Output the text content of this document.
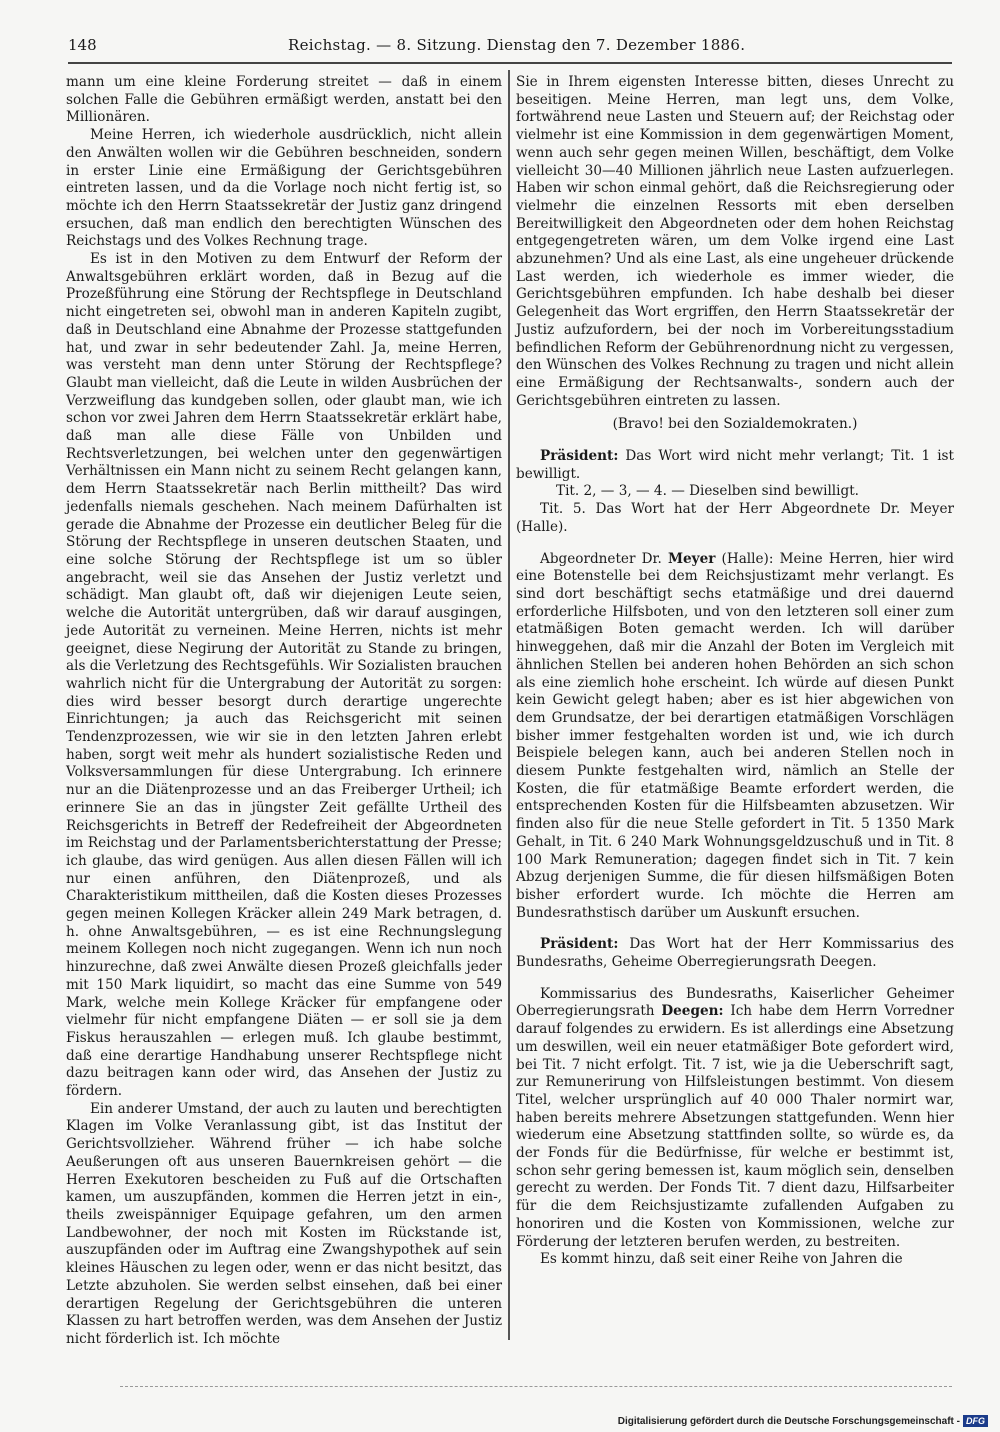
148	Reichstag. — 8. Sitzung. Dienstag den 7. Dezember 1886.

mann um eine kleine Forderung streitet — daß in einem solchen Falle die Gebühren ermäßigt werden, anstatt bei den Millionären.

Meine Herren, ich wiederhole ausdrücklich, nicht allein den Anwälten wollen wir die Gebühren beschneiden, sondern in erster Linie eine Ermäßigung der Gerichtsgebühren eintreten lassen, und da die Vorlage noch nicht fertig ist, so möchte ich den Herrn Staatssekretär der Justiz ganz dringend ersuchen, daß man endlich den berechtigten Wünschen des Reichstags und des Volkes Rechnung trage.

Es ist in den Motiven zu dem Entwurf der Reform der Anwaltsgebühren erklärt worden, daß in Bezug auf die Prozeßführung eine Störung der Rechtspflege in Deutschland nicht eingetreten sei, obwohl man in anderen Kapiteln zugibt, daß in Deutschland eine Abnahme der Prozesse stattgefunden hat, und zwar in sehr bedeutender Zahl. Ja, meine Herren, was versteht man denn unter Störung der Rechtspflege? Glaubt man vielleicht, daß die Leute in wilden Ausbrüchen der Verzweiflung das kundgeben sollen, oder glaubt man, wie ich schon vor zwei Jahren dem Herrn Staatssekretär erklärt habe, daß man alle diese Fälle von Unbilden und Rechtsverletzungen, bei welchen unter den gegenwärtigen Verhältnissen ein Mann nicht zu seinem Recht gelangen kann, dem Herrn Staatssekretär nach Berlin mittheilt? Das wird jedenfalls niemals geschehen. Nach meinem Dafürhalten ist gerade die Abnahme der Prozesse ein deutlicher Beleg für die Störung der Rechtspflege in unseren deutschen Staaten, und eine solche Störung der Rechtspflege ist um so übler angebracht, weil sie das Ansehen der Justiz verletzt und schädigt. Man glaubt oft, daß wir diejenigen Leute seien, welche die Autorität untergrüben, daß wir darauf ausgingen, jede Autorität zu verneinen. Meine Herren, nichts ist mehr geeignet, diese Negirung der Autorität zu Stande zu bringen, als die Verletzung des Rechtsgefühls. Wir Sozialisten brauchen wahrlich nicht für die Untergrabung der Autorität zu sorgen: dies wird besser besorgt durch derartige ungerechte Einrichtungen; ja auch das Reichsgericht mit seinen Tendenzprozessen, wie wir sie in den letzten Jahren erlebt haben, sorgt weit mehr als hundert sozialistische Reden und Volksversammlungen für diese Untergrabung. Ich erinnere nur an die Diätenprozesse und an das Freiberger Urtheil; ich erinnere Sie an das in jüngster Zeit gefällte Urtheil des Reichsgerichts in Betreff der Redefreiheit der Abgeordneten im Reichstag und der Parlamentsberichterstattung der Presse; ich glaube, das wird genügen. Aus allen diesen Fällen will ich nur einen anführen, den Diätenprozeß, und als Charakteristikum mittheilen, daß die Kosten dieses Prozesses gegen meinen Kollegen Kräcker allein 249 Mark betragen, d. h. ohne Anwaltsgebühren, — es ist eine Rechnungslegung meinem Kollegen noch nicht zugegangen. Wenn ich nun noch hinzurechne, daß zwei Anwälte diesen Prozeß gleichfalls jeder mit 150 Mark liquidirt, so macht das eine Summe von 549 Mark, welche mein Kollege Kräcker für empfangene oder vielmehr für nicht empfangene Diäten — er soll sie ja dem Fiskus herauszahlen — erlegen muß. Ich glaube bestimmt, daß eine derartige Handhabung unserer Rechtspflege nicht dazu beitragen kann oder wird, das Ansehen der Justiz zu fördern.

Ein anderer Umstand, der auch zu lauten und berechtigten Klagen im Volke Veranlassung gibt, ist das Institut der Gerichtsvollzieher. Während früher — ich habe solche Aeußerungen oft aus unseren Bauernkreisen gehört — die Herren Exekutoren bescheiden zu Fuß auf die Ortschaften kamen, um auszupfänden, kommen die Herren jetzt in ein-, theils zweispänniger Equipage gefahren, um den armen Landbewohner, der noch mit Kosten im Rückstande ist, auszupfänden oder im Auftrag eine Zwangshypothek auf sein kleines Häuschen zu legen oder, wenn er das nicht besitzt, das Letzte abzuholen. Sie werden selbst einsehen, daß bei einer derartigen Regelung der Gerichtsgebühren die unteren Klassen zu hart betroffen werden, was dem Ansehen der Justiz nicht förderlich ist. Ich möchte

Sie in Ihrem eigensten Interesse bitten, dieses Unrecht zu beseitigen. Meine Herren, man legt uns, dem Volke, fortwährend neue Lasten und Steuern auf; der Reichstag oder vielmehr ist eine Kommission in dem gegenwärtigen Moment, wenn auch sehr gegen meinen Willen, beschäftigt, dem Volke vielleicht 30—40 Millionen jährlich neue Lasten aufzuerlegen. Haben wir schon einmal gehört, daß die Reichsregierung oder vielmehr die einzelnen Ressorts mit eben derselben Bereitwilligkeit den Abgeordneten oder dem hohen Reichstag entgegengetreten wären, um dem Volke irgend eine Last abzunehmen? Und als eine Last, als eine ungeheuer drückende Last werden, ich wiederhole es immer wieder, die Gerichtsgebühren empfunden. Ich habe deshalb bei dieser Gelegenheit das Wort ergriffen, den Herrn Staatssekretär der Justiz aufzufordern, bei der noch im Vorbereitungsstadium befindlichen Reform der Gebührenordnung nicht zu vergessen, den Wünschen des Volkes Rechnung zu tragen und nicht allein eine Ermäßigung der Rechtsanwalts-, sondern auch der Gerichtsgebühren eintreten zu lassen.

(Bravo! bei den Sozialdemokraten.)

Präsident: Das Wort wird nicht mehr verlangt; Tit. 1 ist bewilligt.

Tit. 2, — 3, — 4. — Dieselben sind bewilligt.

Tit. 5. Das Wort hat der Herr Abgeordnete Dr. Meyer (Halle).

Abgeordneter Dr. Meyer (Halle): Meine Herren, hier wird eine Botenstelle bei dem Reichsjustizamt mehr verlangt. Es sind dort beschäftigt sechs etatmäßige und drei dauernd erforderliche Hilfsboten, und von den letzteren soll einer zum etatmäßigen Boten gemacht werden. Ich will darüber hinweggehen, daß mir die Anzahl der Boten im Vergleich mit ähnlichen Stellen bei anderen hohen Behörden an sich schon als eine ziemlich hohe erscheint. Ich würde auf diesen Punkt kein Gewicht gelegt haben; aber es ist hier abgewichen von dem Grundsatze, der bei derartigen etatmäßigen Vorschlägen bisher immer festgehalten worden ist und, wie ich durch Beispiele belegen kann, auch bei anderen Stellen noch in diesem Punkte festgehalten wird, nämlich an Stelle der Kosten, die für etatmäßige Beamte erfordert werden, die entsprechenden Kosten für die Hilfsbeamten abzusetzen. Wir finden also für die neue Stelle gefordert in Tit. 5 1350 Mark Gehalt, in Tit. 6 240 Mark Wohnungsgeldzuschuß und in Tit. 8 100 Mark Remuneration; dagegen findet sich in Tit. 7 kein Abzug derjenigen Summe, die für diesen hilfsmäßigen Boten bisher erfordert wurde. Ich möchte die Herren am Bundesrathstisch darüber um Auskunft ersuchen.

Präsident: Das Wort hat der Herr Kommissarius des Bundesraths, Geheime Oberregierungsrath Deegen.

Kommissarius des Bundesraths, Kaiserlicher Geheimer Oberregierungsrath Deegen: Ich habe dem Herrn Vorredner darauf folgendes zu erwidern. Es ist allerdings eine Absetzung um deswillen, weil ein neuer etatmäßiger Bote gefordert wird, bei Tit. 7 nicht erfolgt. Tit. 7 ist, wie ja die Ueberschrift sagt, zur Remunerirung von Hilfsleistungen bestimmt. Von diesem Titel, welcher ursprünglich auf 40 000 Thaler normirt war, haben bereits mehrere Absetzungen stattgefunden. Wenn hier wiederum eine Absetzung stattfinden sollte, so würde es, da der Fonds für die Bedürfnisse, für welche er bestimmt ist, schon sehr gering bemessen ist, kaum möglich sein, denselben gerecht zu werden. Der Fonds Tit. 7 dient dazu, Hilfsarbeiter für die dem Reichsjustizamte zufallenden Aufgaben zu honoriren und die Kosten von Kommissionen, welche zur Förderung der letzteren berufen werden, zu bestreiten.

Es kommt hinzu, daß seit einer Reihe von Jahren die

Digitalisierung gefördert durch die Deutsche Forschungsgemeinschaft - DFG
